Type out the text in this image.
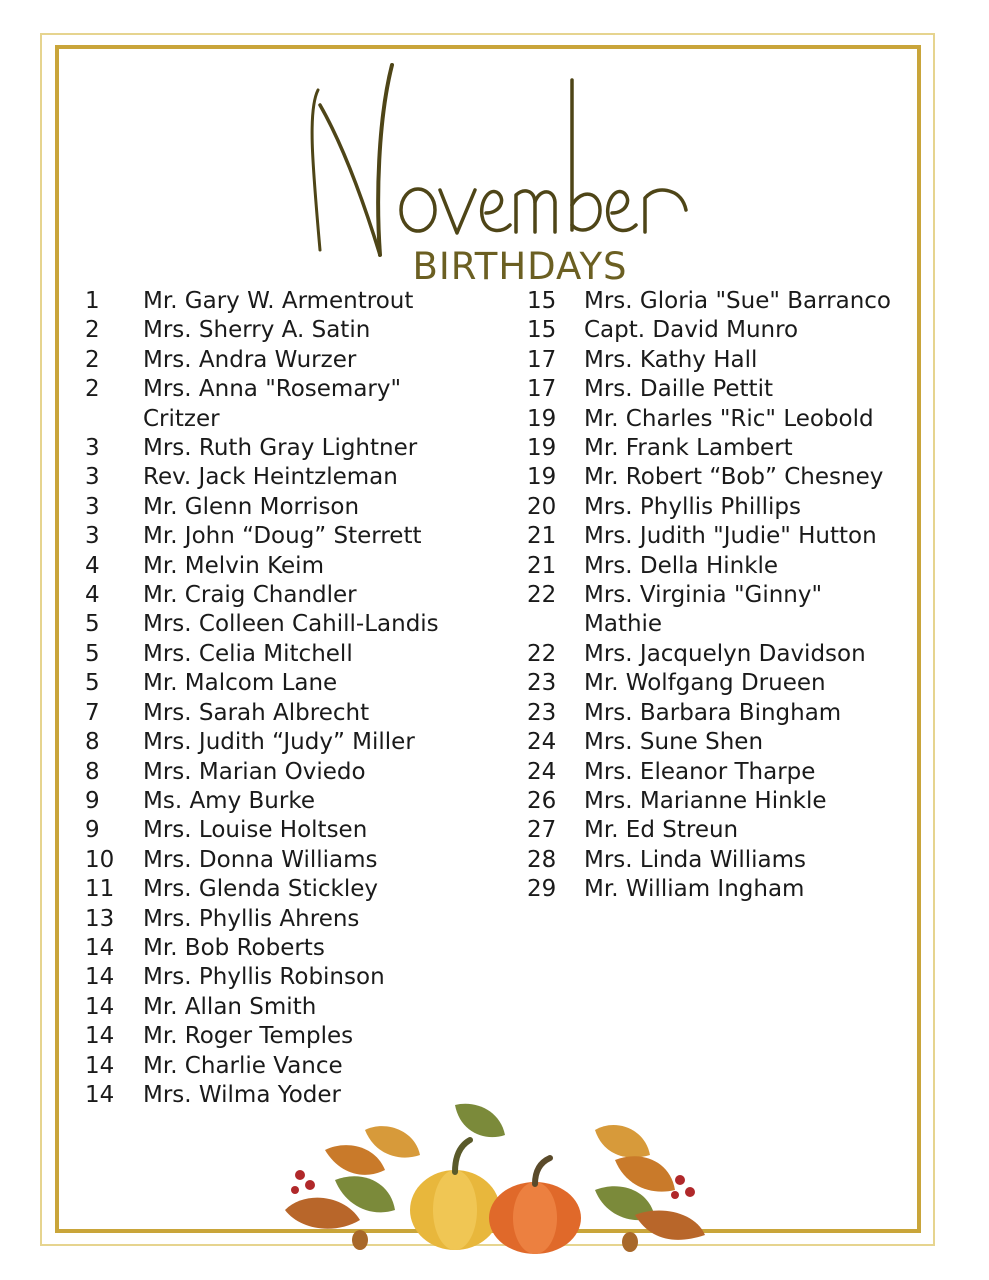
BIRTHDAYS
1	Mr. Gary W. Armentrout
2	Mrs. Sherry A. Satin
2	Mrs. Andra Wurzer
2	Mrs. Anna "Rosemary"
Critzer
3	Mrs. Ruth Gray Lightner
3	Rev. Jack Heintzleman
3	Mr. Glenn Morrison
3	Mr. John “Doug” Sterrett
4	Mr. Melvin Keim
4	Mr. Craig Chandler
5	Mrs. Colleen Cahill-Landis
5	Mrs. Celia Mitchell
5	Mr. Malcom Lane
7	Mrs. Sarah Albrecht
8	Mrs. Judith “Judy” Miller
8	Mrs. Marian Oviedo
9	Ms. Amy Burke
9	Mrs. Louise Holtsen
10	Mrs. Donna Williams
11	Mrs. Glenda Stickley
13	Mrs. Phyllis Ahrens
14	Mr. Bob Roberts
14	Mrs. Phyllis Robinson
14	Mr. Allan Smith
14	Mr. Roger Temples
14	Mr. Charlie Vance
14	Mrs. Wilma Yoder
15	Mrs. Gloria "Sue" Barranco
15	Capt. David Munro
17	Mrs. Kathy Hall
17	Mrs. Daille Pettit
19	Mr. Charles "Ric" Leobold
19	Mr. Frank Lambert
19	Mr. Robert “Bob” Chesney
20	Mrs. Phyllis Phillips
21	Mrs. Judith "Judie" Hutton
21	Mrs. Della Hinkle
22	Mrs. Virginia "Ginny"
Mathie
22	Mrs. Jacquelyn Davidson
23	Mr. Wolfgang Drueen
23	Mrs. Barbara Bingham
24	Mrs. Sune Shen
24	Mrs. Eleanor Tharpe
26	Mrs. Marianne Hinkle
27	Mr. Ed Streun
28	Mrs. Linda Williams
29	Mr. William Ingham
